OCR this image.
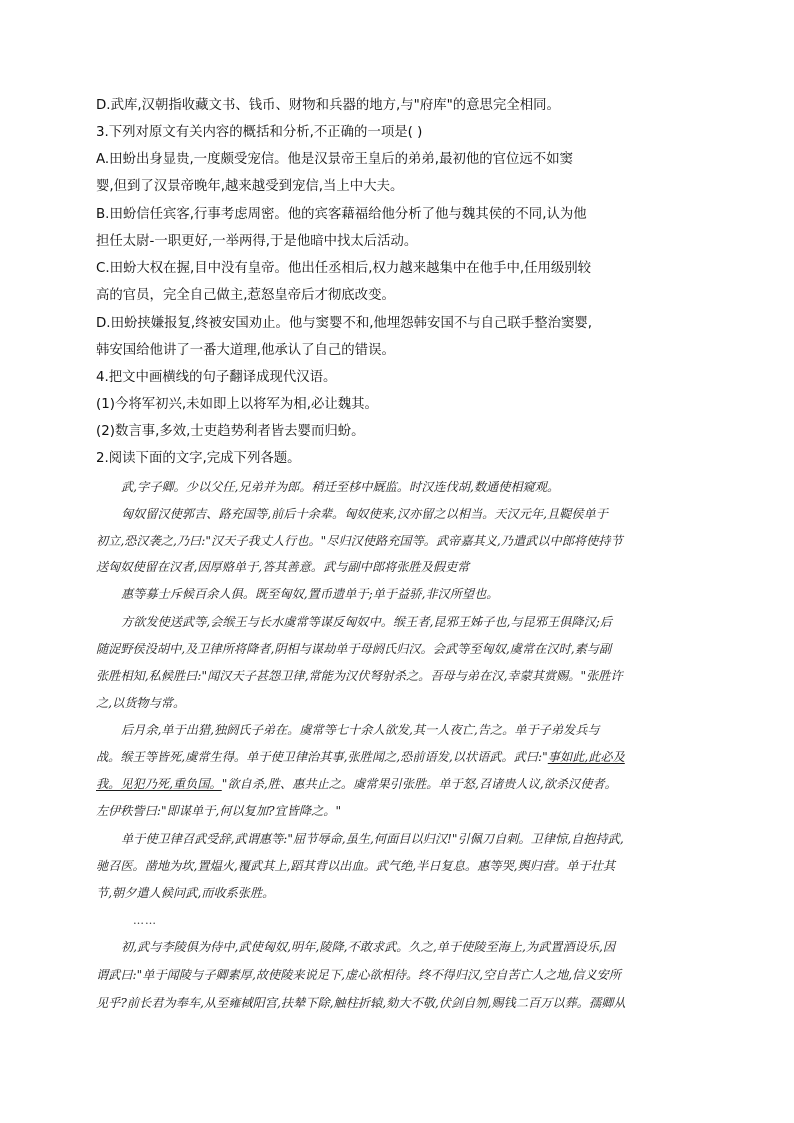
D.武库,汉朝指收藏文书、钱币、财物和兵器的地方,与"府库"的意思完全相同。
3.下列对原文有关内容的概括和分析,不正确的一项是( )
A.田蚡出身显贵,一度颇受宠信。他是汉景帝王皇后的弟弟,最初他的官位远不如窦
婴,但到了汉景帝晚年,越来越受到宠信,当上中大夫。
B.田蚡信任宾客,行事考虑周密。他的宾客藉福给他分析了他与魏其侯的不同,认为他
担任太尉-一职更好,一举两得,于是他暗中找太后活动。
C.田蚡大权在握,目中没有皇帝。他出任丞相后,权力越来越集中在他手中,任用级别较
高的官员，完全自己做主,惹怒皇帝后才彻底改变。
D.田蚡挟嫌报复,终被安国劝止。他与窦婴不和,他埋怨韩安国不与自己联手整治窦婴,
韩安国给他讲了一番大道理,他承认了自己的错误。
4.把文中画横线的句子翻译成现代汉语。
(1)今将军初兴,未如即上以将军为相,必让魏其。
(2)数言事,多效,士吏趋势利者皆去婴而归蚡。
2.阅读下面的文字,完成下列各题。
武,字子卿。少以父任,兄弟并为郎。稍迁至栘中厩监。时汉连伐胡,数通使相窥观。
匈奴留汉使郭吉、路充国等,前后十余辈。匈奴使来,汉亦留之以相当。天汉元年,且鞮侯单于
初立,恐汉袭之,乃曰:"汉天子我丈人行也。"尽归汉使路充国等。武帝嘉其义,乃遣武以中郎将使持节
送匈奴使留在汉者,因厚赂单于,答其善意。武与副中郎将张胜及假吏常
惠等募士斥候百余人俱。既至匈奴,置币遗单于;单于益骄,非汉所望也。
方欲发使送武等,会缑王与长水虞常等谋反匈奴中。缑王者,昆邪王姊子也,与昆邪王俱降汉;后
随浞野侯没胡中,及卫律所将降者,阴相与谋劫单于母阏氏归汉。会武等至匈奴,虞常在汉时,素与副
张胜相知,私候胜曰:"闻汉天子甚怨卫律,常能为汉伏弩射杀之。吾母与弟在汉,幸蒙其赏赐。"张胜许
之,以货物与常。
后月余,单于出猎,独阏氏子弟在。虞常等七十余人欲发,其一人夜亡,告之。单于子弟发兵与
战。缑王等皆死,虞常生得。单于使卫律治其事,张胜闻之,恐前语发,以状语武。武曰:"事如此,此必及
我。见犯乃死,重负国。"欲自杀,胜、惠共止之。虞常果引张胜。单于怒,召诸贵人议,欲杀汉使者。
左伊秩訾曰:"即谋单于,何以复加?宜皆降之。"
单于使卫律召武受辞,武谓惠等:"屈节辱命,虽生,何面目以归汉!"引佩刀自刺。卫律惊,自抱持武,
驰召医。凿地为坎,置煴火,覆武其上,蹈其背以出血。武气绝,半日复息。惠等哭,舆归营。单于壮其
节,朝夕遣人候问武,而收系张胜。
……
初,武与李陵俱为侍中,武使匈奴,明年,陵降,不敢求武。久之,单于使陵至海上,为武置酒设乐,因
谓武曰:"单于闻陵与子卿素厚,故使陵来说足下,虚心欲相待。终不得归汉,空自苦亡人之地,信义安所
见乎?前长君为奉车,从至雍棫阳宫,扶辇下除,触柱折辕,劾大不敬,伏剑自刎,赐钱二百万以葬。孺卿从
